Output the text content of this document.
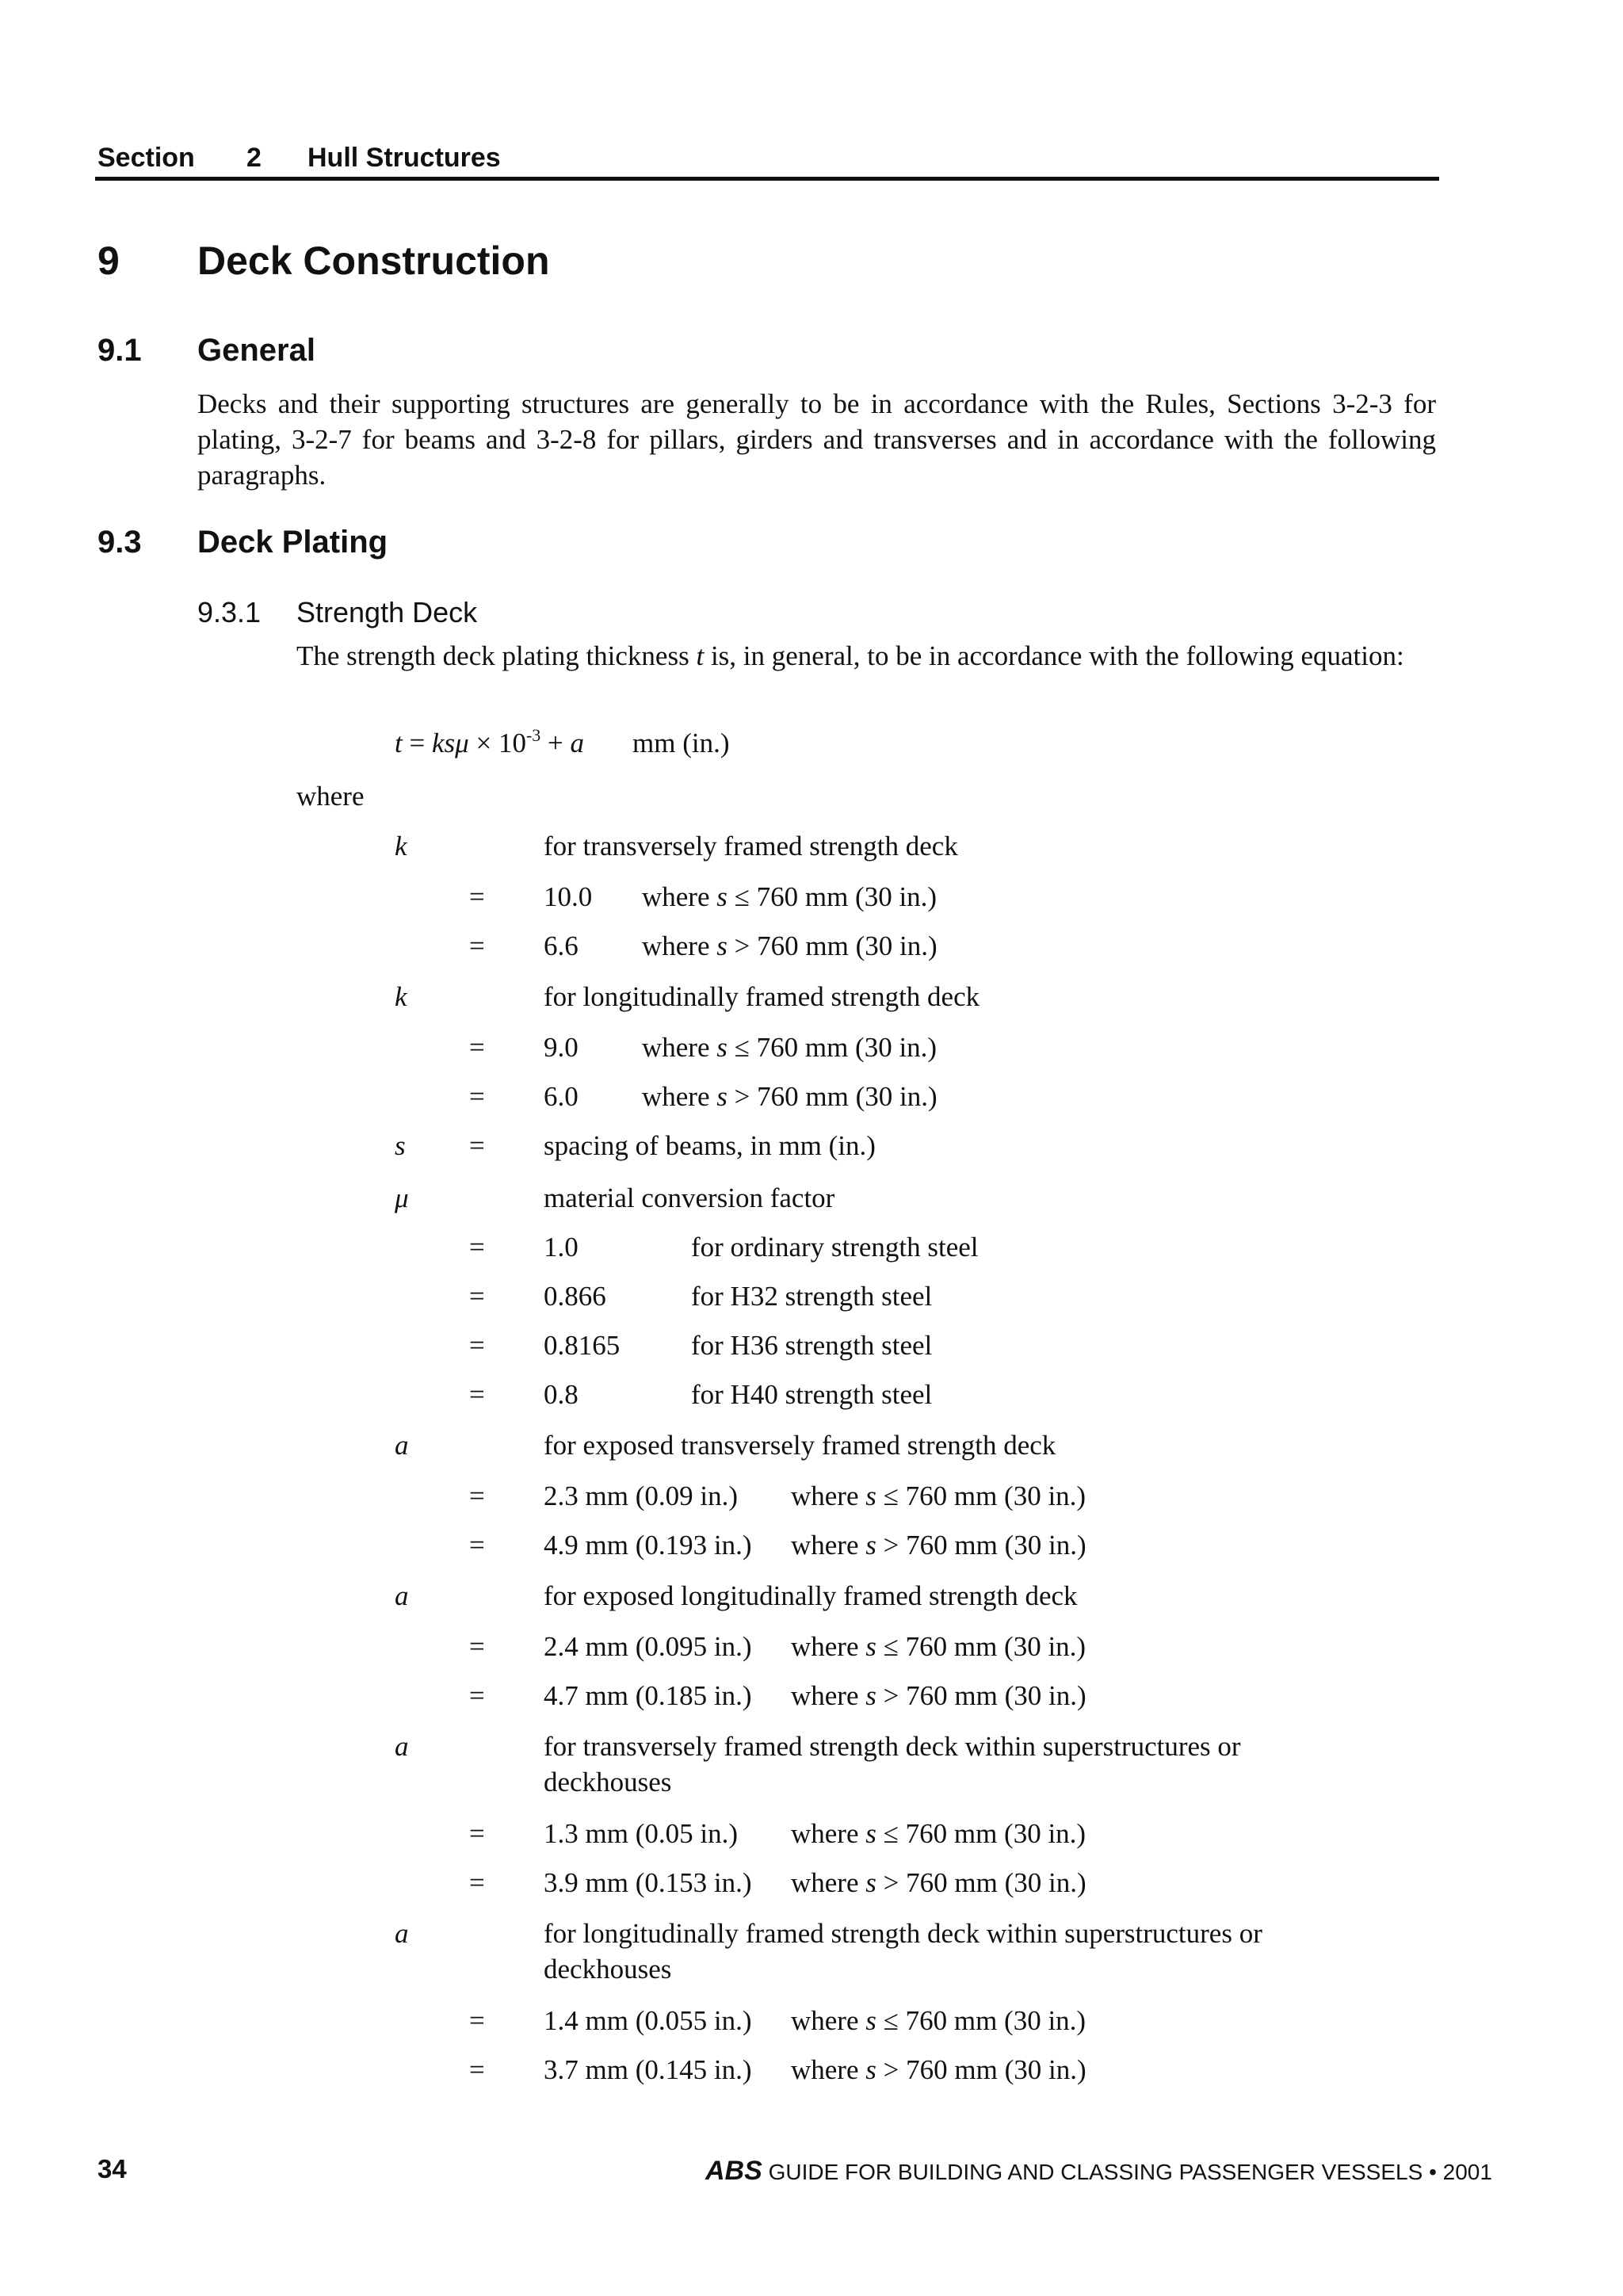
Section 2 Hull Structures
9 Deck Construction
9.1 General
Decks and their supporting structures are generally to be in accordance with the Rules, Sections 3-2-3 for plating, 3-2-7 for beams and 3-2-8 for pillars, girders and transverses and in accordance with the following paragraphs.
9.3 Deck Plating
9.3.1 Strength Deck
The strength deck plating thickness t is, in general, to be in accordance with the following equation:
$t = ks\mu \times 10^{-3} + a$ mm (in.)
where
k	for transversely framed strength deck
= 10.0 where s ≤ 760 mm (30 in.)
= 6.6 where s > 760 mm (30 in.)
k	for longitudinally framed strength deck
= 9.0 where s ≤ 760 mm (30 in.)
= 6.0 where s > 760 mm (30 in.)
s = spacing of beams, in mm (in.)
μ	material conversion factor
= 1.0	for ordinary strength steel
= 0.866	for H32 strength steel
= 0.8165	for H36 strength steel
= 0.8	for H40 strength steel
a	for exposed transversely framed strength deck
= 2.3 mm (0.09 in.) where s ≤ 760 mm (30 in.)
= 4.9 mm (0.193 in.) where s > 760 mm (30 in.)
a	for exposed longitudinally framed strength deck
= 2.4 mm (0.095 in.) where s ≤ 760 mm (30 in.)
= 4.7 mm (0.185 in.) where s > 760 mm (30 in.)
a	for transversely framed strength deck within superstructures or
deckhouses
= 1.3 mm (0.05 in.) where s ≤ 760 mm (30 in.)
= 3.9 mm (0.153 in.) where s > 760 mm (30 in.)
a	for longitudinally framed strength deck within superstructures or
deckhouses
= 1.4 mm (0.055 in.) where s ≤ 760 mm (30 in.)
= 3.7 mm (0.145 in.) where s > 760 mm (30 in.)
34	ABS GUIDE FOR BUILDING AND CLASSING PASSENGER VESSELS • 2001
